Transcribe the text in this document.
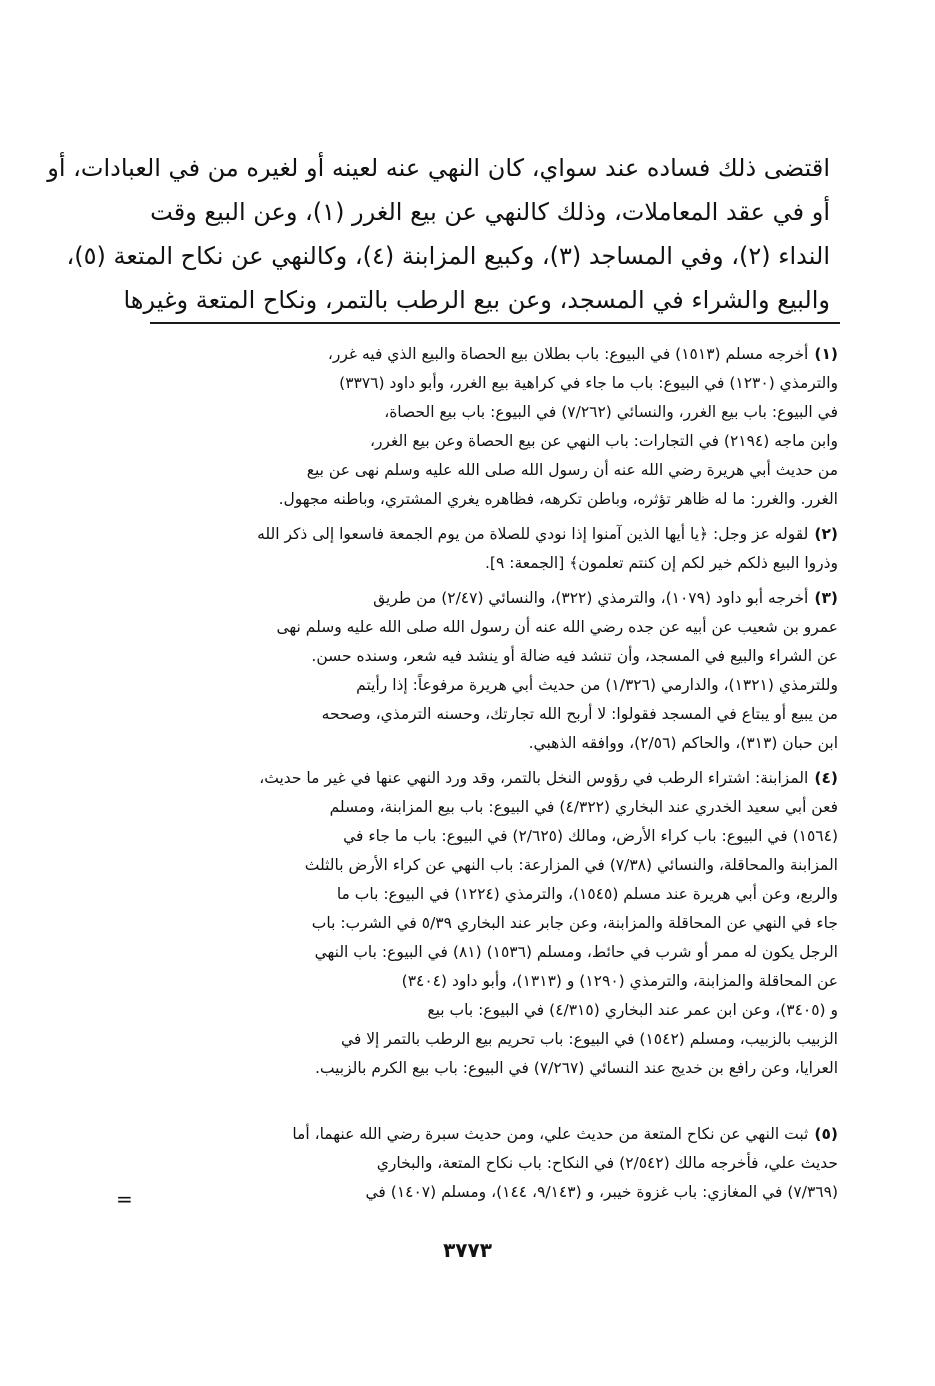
اقتضى ذلك فساده عند سواي، كان النهي عنه لعينه أو لغيره من في العبادات، أو
أو في عقد المعاملات، وذلك كالنهي عن بيع الغرر (١)، وعن البيع وقت
النداء (٢)، وفي المساجد (٣)، وكبيع المزابنة (٤)، وكالنهي عن نكاح المتعة (٥)،
والبيع والشراء في المسجد، وعن بيع الرطب بالتمر، ونكاح المتعة وغيرها
(١)أخرجه مسلم (١٥١٣) في البيوع: باب بطلان بيع الحصاة والبيع الذي فيه غرر،
والترمذي (١٢٣٠) في البيوع: باب ما جاء في كراهية بيع الغرر، وأبو داود (٣٣٧٦)
في البيوع: باب بيع الغرر، والنسائي (٧/٢٦٢) في البيوع: باب بيع الحصاة،
وابن ماجه (٢١٩٤) في التجارات: باب النهي عن بيع الحصاة وعن بيع الغرر،
من حديث أبي هريرة رضي الله عنه أن رسول الله صلى الله عليه وسلم نهى عن بيع
الغرر. والغرر: ما له ظاهر تؤثره، وباطن تكرهه، فظاهره يغري المشتري، وباطنه مجهول.
(٢)لقوله عز وجل: ﴿يا أيها الذين آمنوا إذا نودي للصلاة من يوم الجمعة فاسعوا إلى ذكر الله
وذروا البيع ذلكم خير لكم إن كنتم تعلمون﴾ [الجمعة: ٩].
(٣)أخرجه أبو داود (١٠٧٩)، والترمذي (٣٢٢)، والنسائي (٢/٤٧) من طريق
عمرو بن شعيب عن أبيه عن جده رضي الله عنه أن رسول الله صلى الله عليه وسلم نهى
عن الشراء والبيع في المسجد، وأن تنشد فيه ضالة أو ينشد فيه شعر، وسنده حسن.
وللترمذي (١٣٢١)، والدارمي (١/٣٢٦) من حديث أبي هريرة مرفوعاً: إذا رأيتم
من يبيع أو يبتاع في المسجد فقولوا: لا أربح الله تجارتك، وحسنه الترمذي، وصححه
ابن حبان (٣١٣)، والحاكم (٢/٥٦)، ووافقه الذهبي.
(٤)المزابنة: اشتراء الرطب في رؤوس النخل بالتمر، وقد ورد النهي عنها في غير ما حديث،
فعن أبي سعيد الخدري عند البخاري (٤/٣٢٢) في البيوع: باب بيع المزابنة، ومسلم
(١٥٦٤) في البيوع: باب كراء الأرض، ومالك (٢/٦٢٥) في البيوع: باب ما جاء في
المزابنة والمحاقلة، والنسائي (٧/٣٨) في المزارعة: باب النهي عن كراء الأرض بالثلث
والربع، وعن أبي هريرة عند مسلم (١٥٤٥)، والترمذي (١٢٢٤) في البيوع: باب ما
جاء في النهي عن المحاقلة والمزابنة، وعن جابر عند البخاري ٥/٣٩ في الشرب: باب
الرجل يكون له ممر أو شرب في حائط، ومسلم (١٥٣٦) (٨١) في البيوع: باب النهي
عن المحاقلة والمزابنة، والترمذي (١٢٩٠) و (١٣١٣)، وأبو داود (٣٤٠٤)
و (٣٤٠٥)، وعن ابن عمر عند البخاري (٤/٣١٥) في البيوع: باب بيع
الزبيب بالزبيب، ومسلم (١٥٤٢) في البيوع: باب تحريم بيع الرطب بالتمر إلا في
العرايا، وعن رافع بن خديج عند النسائي (٧/٢٦٧) في البيوع: باب بيع الكرم بالزبيب.
(٥)ثبت النهي عن نكاح المتعة من حديث علي، ومن حديث سبرة رضي الله عنهما، أما
حديث علي، فأخرجه مالك (٢/٥٤٢) في النكاح: باب نكاح المتعة، والبخاري
(٧/٣٦٩) في المغازي: باب غزوة خيبر، و (٩/١٤٣، ١٤٤)، ومسلم (١٤٠٧) في
=
٣٧٧٣
